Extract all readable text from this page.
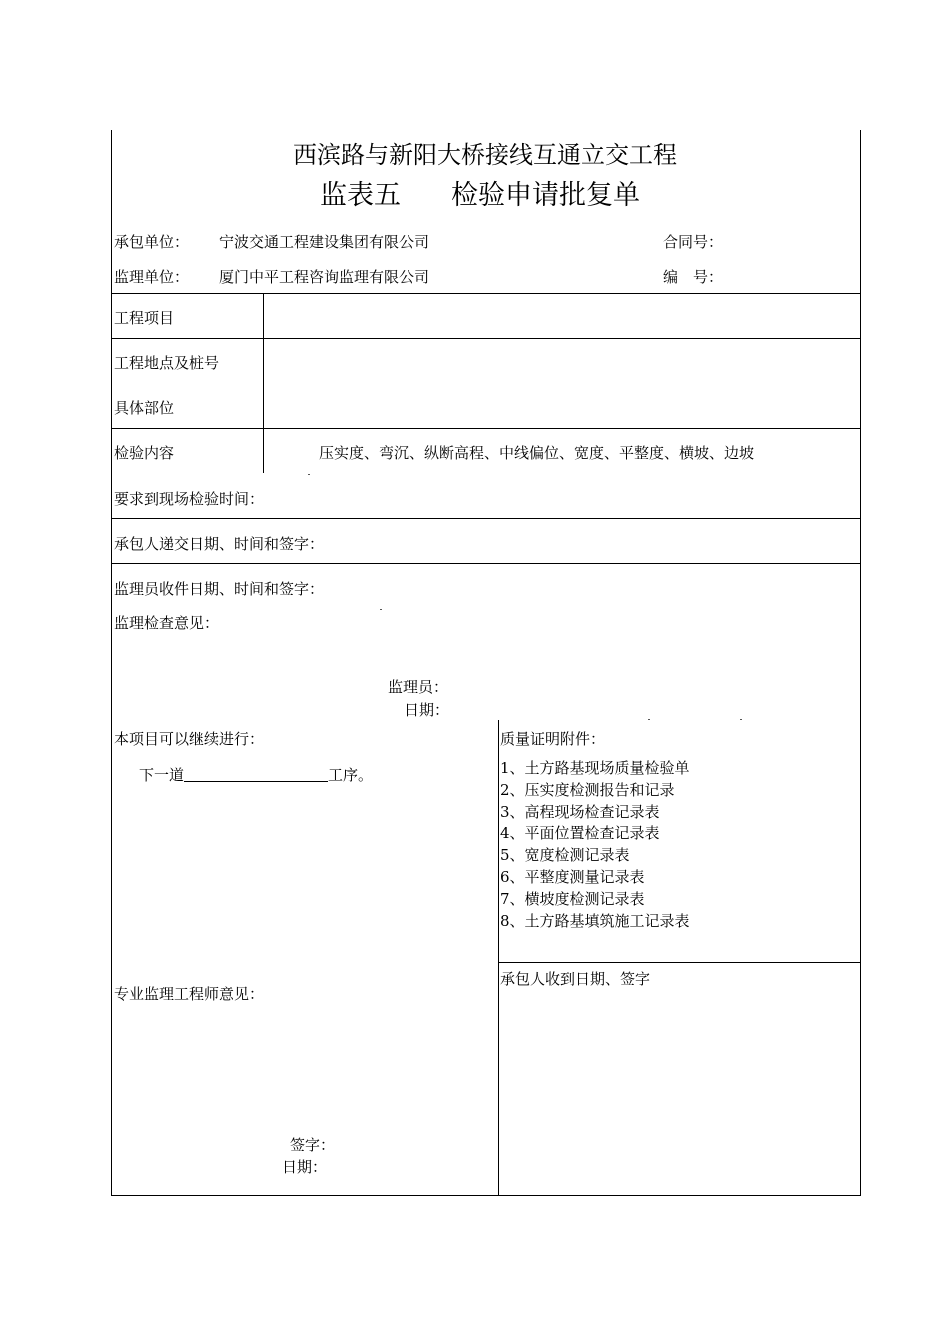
西滨路与新阳大桥接线互通立交工程
监表五 检验申请批复单
承包单位： 宁波交通工程建设集团有限公司	合同号：
监理单位： 厦门中平工程咨询监理有限公司	编　号：
工程项目
工程地点及桩号
具体部位
检验内容	压实度、弯沉、纵断高程、中线偏位、宽度、平整度、横坡、边坡
要求到现场检验时间：
承包人递交日期、时间和签字：
监理员收件日期、时间和签字：
监理检查意见：
监理员：
日期：
本项目可以继续进行：
下一道	工序。
专业监理工程师意见：
签字：
日期：
质量证明附件：
1、土方路基现场质量检验单
2、压实度检测报告和记录
3、高程现场检查记录表
4、平面位置检查记录表
5、宽度检测记录表
6、平整度测量记录表
7、横坡度检测记录表
8、土方路基填筑施工记录表
承包人收到日期、签字
